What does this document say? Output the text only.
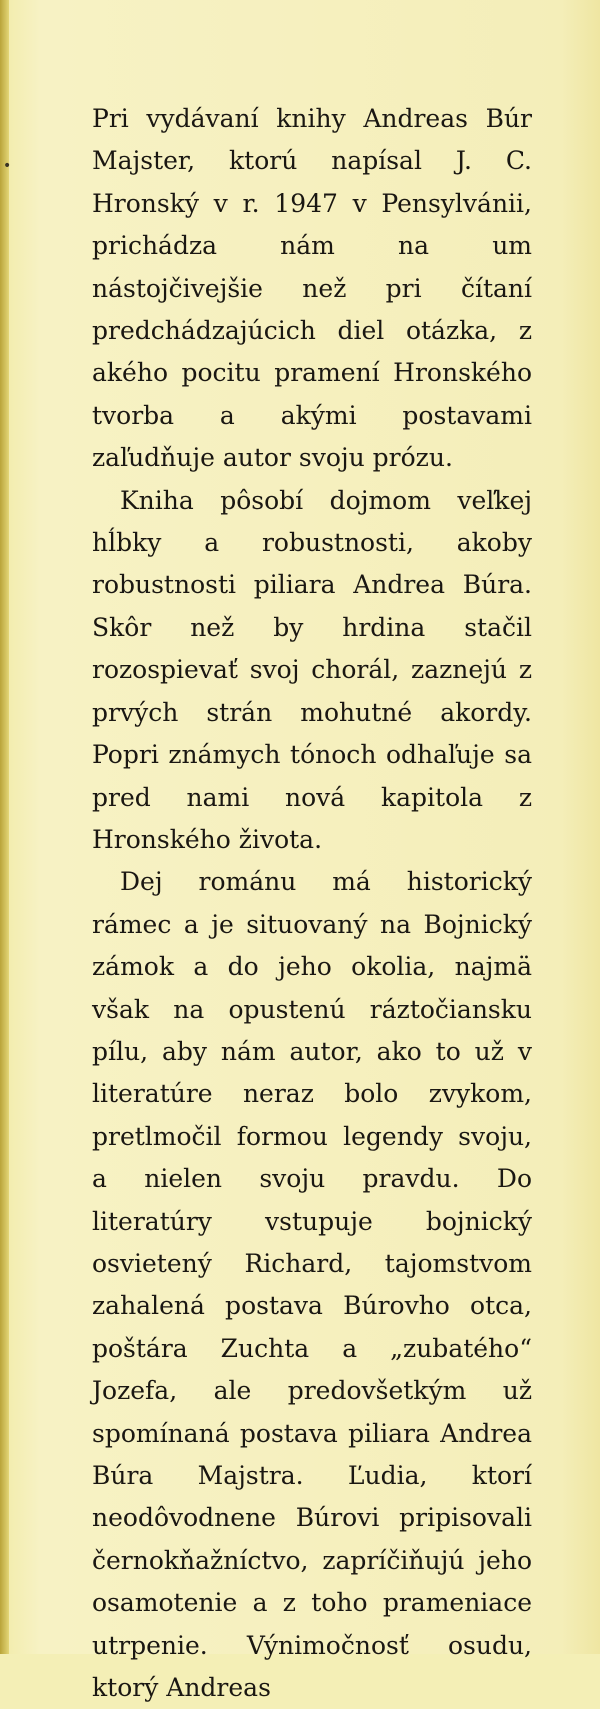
•

Pri vydávaní knihy Andreas Búr Majster, ktorú napísal J. C. Hronský v r. 1947 v Pensylvánii, prichádza nám na um nástojčivejšie než pri čítaní predchádzajúcich diel otázka, z akého pocitu pramení Hronského tvorba a akými postavami zaľudňuje autor svoju prózu.

Kniha pôsobí dojmom veľkej hĺbky a robustnosti, akoby robustnosti piliara Andrea Búra. Skôr než by hrdina stačil rozospievať svoj chorál, zaznejú z prvých strán mohutné akordy. Popri známych tónoch odhaľuje sa pred nami nová kapitola z Hronského života.

Dej románu má historický rámec a je situovaný na Bojnický zámok a do jeho okolia, najmä však na opustenú ráztočiansku pílu, aby nám autor, ako to už v literatúre neraz bolo zvykom, pretlmočil formou legendy svoju, a nielen svoju pravdu. Do literatúry vstupuje bojnický osvietený Richard, tajomstvom zahalená postava Búrovho otca, poštára Zuchta a „zubatého“ Jozefa, ale predovšetkým už spomínaná postava piliara Andrea Búra Majstra. Ľudia, ktorí neodôvodnene Búrovi pripisovali černokňažníctvo, zapríčiňujú jeho osamotenie a z toho prameniace utrpenie. Výnimočnosť osudu, ktorý Andreas
